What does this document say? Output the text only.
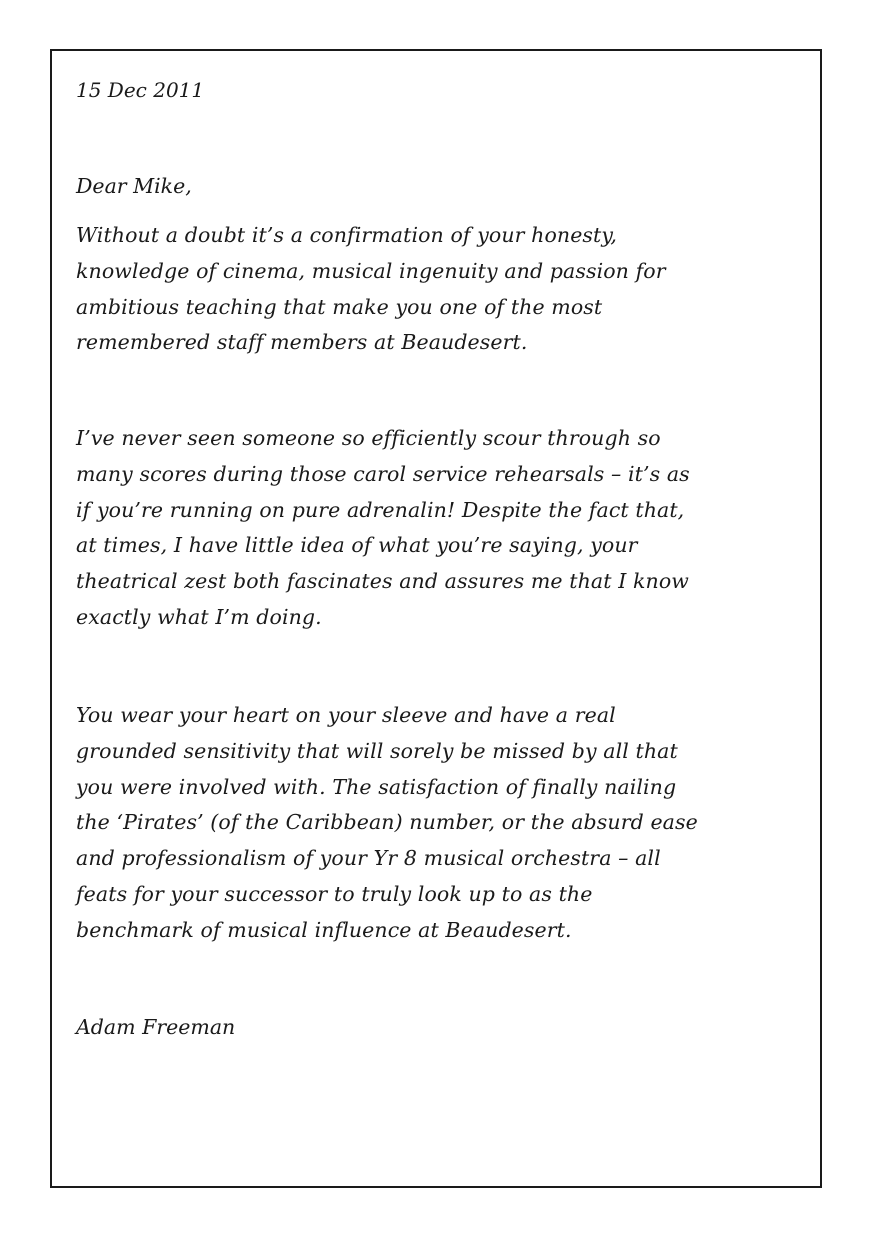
15 Dec 2011

Dear Mike,

Without a doubt it’s a confirmation of your honesty,
knowledge of cinema, musical ingenuity and passion for
ambitious teaching that make you one of the most
remembered staff members at Beaudesert.
I’ve never seen someone so efficiently scour through so
many scores during those carol service rehearsals – it’s as
if you’re running on pure adrenalin! Despite the fact that,
at times, I have little idea of what you’re saying, your
theatrical zest both fascinates and assures me that I know
exactly what I’m doing.
You wear your heart on your sleeve and have a real
grounded sensitivity that will sorely be missed by all that
you were involved with. The satisfaction of finally nailing
the ‘Pirates’ (of the Caribbean) number, or the absurd ease
and professionalism of your Yr 8 musical orchestra – all
feats for your successor to truly look up to as the
benchmark of musical influence at Beaudesert.

Adam Freeman
